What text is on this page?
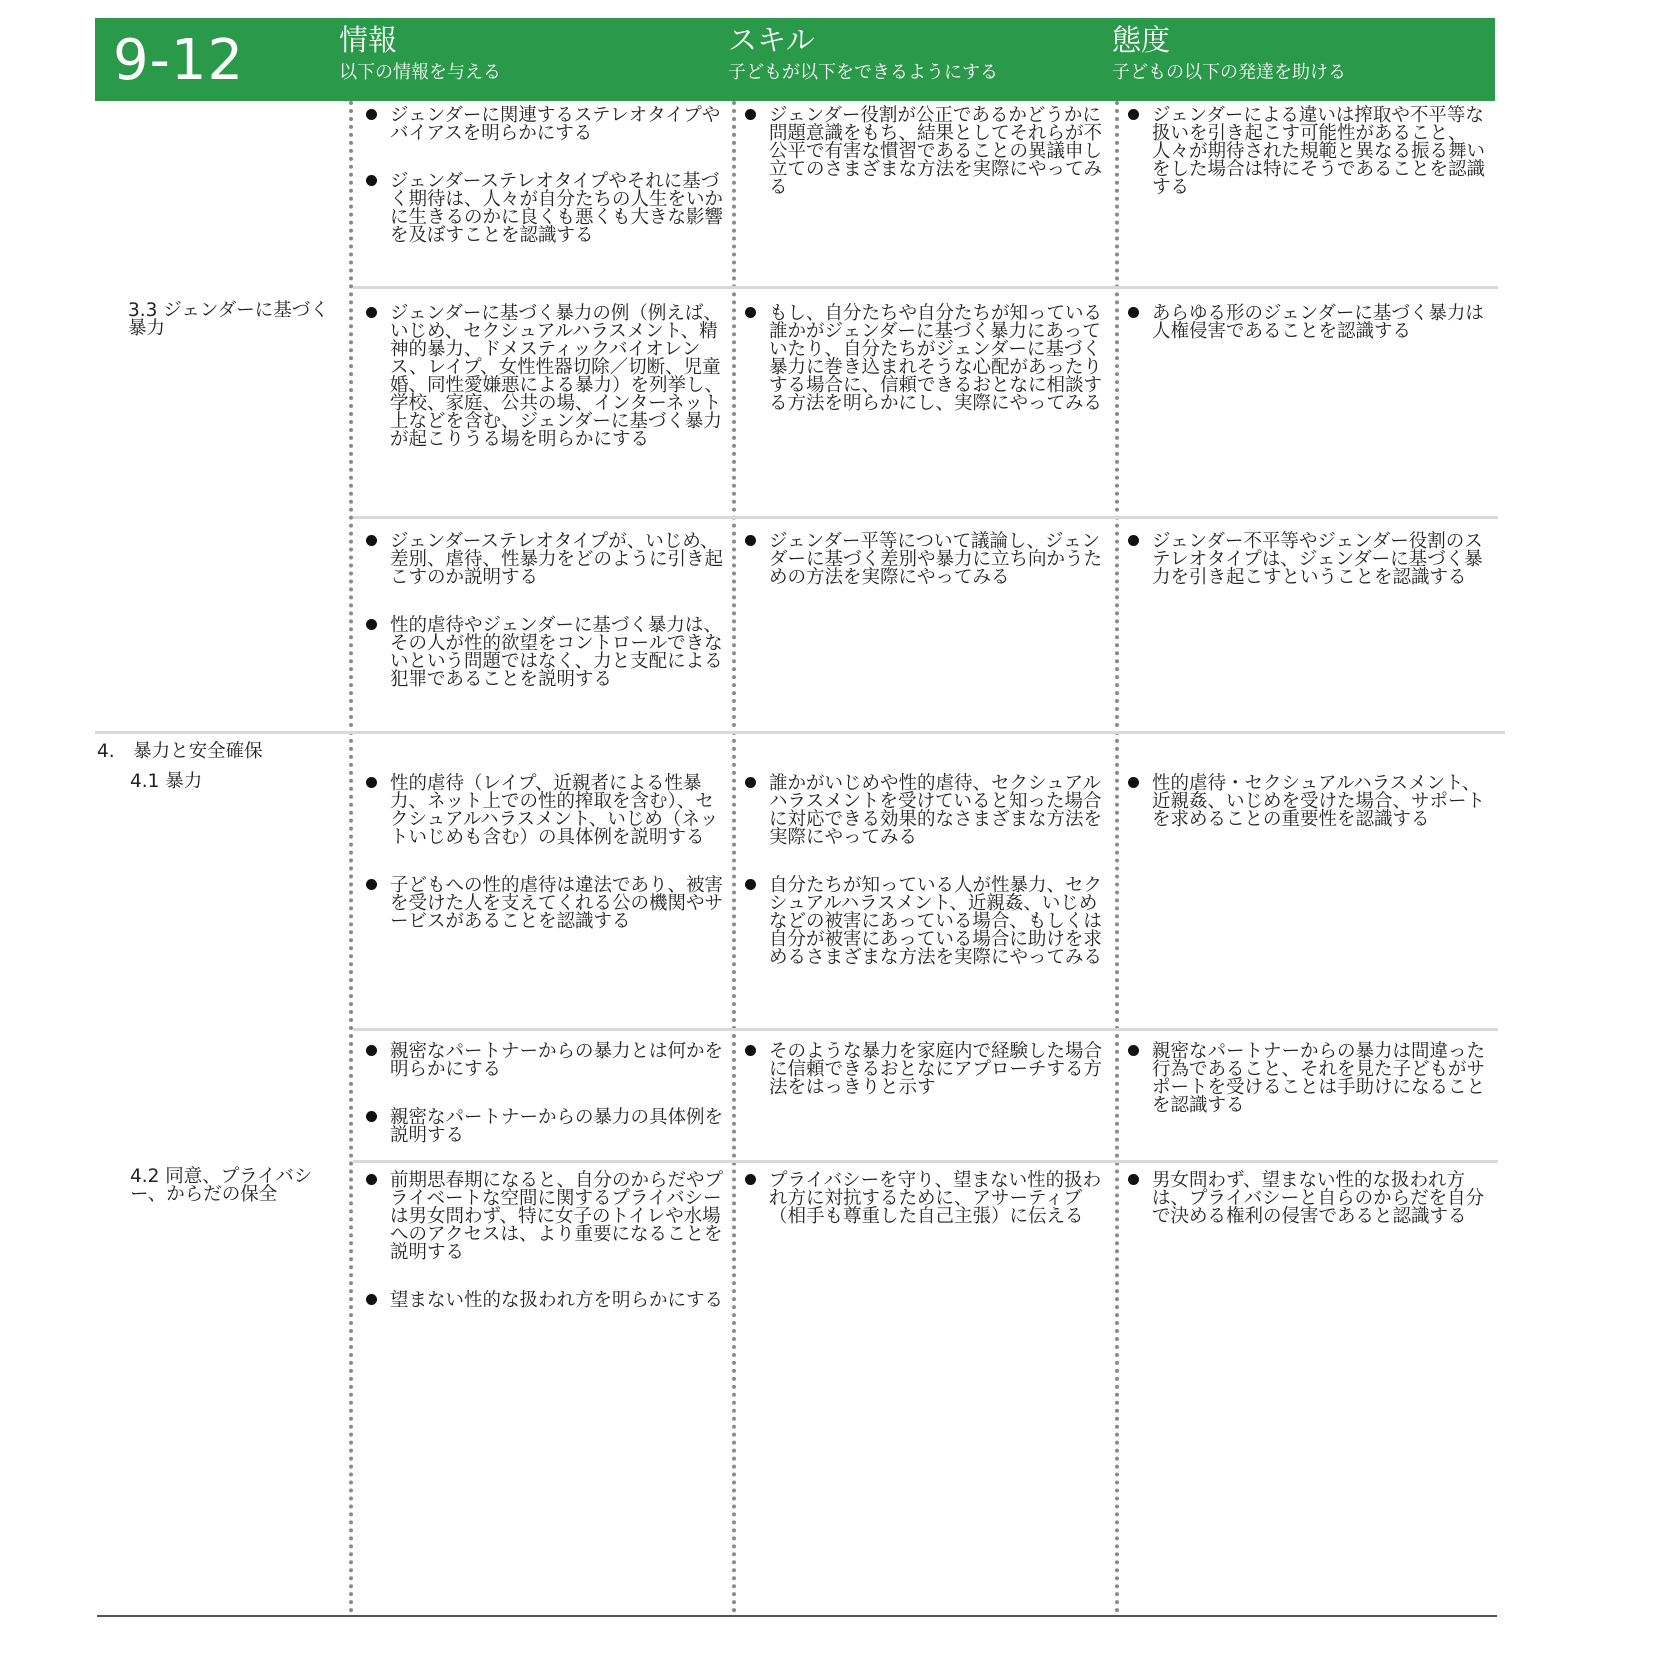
9-12	情報
以下の情報を与える
スキル
子どもが以下をできるようにする
態度
子どもの以下の発達を助ける
3.3 ジェンダーに基づく暴力
4.　暴力と安全確保
4.1 暴力
4.2 同意、プライバシー、からだの保全
ジェンダーに関連するステレオタイプやバイアスを明らかにする
ジェンダーステレオタイプやそれに基づく期待は、人々が自分たちの人生をいかに生きるのかに良くも悪くも大きな影響を及ぼすことを認識する
ジェンダー役割が公正であるかどうかに問題意識をもち、結果としてそれらが不公平で有害な慣習であることの異議申し立てのさまざまな方法を実際にやってみる
ジェンダーによる違いは搾取や不平等な扱いを引き起こす可能性があること、人々が期待された規範と異なる振る舞いをした場合は特にそうであることを認識する
ジェンダーに基づく暴力の例（例えば、いじめ、セクシュアルハラスメント、精神的暴力、ドメスティックバイオレンス、レイプ、女性性器切除／切断、児童婚、同性愛嫌悪による暴力）を列挙し、学校、家庭、公共の場、インターネット上などを含む、ジェンダーに基づく暴力が起こりうる場を明らかにする
もし、自分たちや自分たちが知っている誰かがジェンダーに基づく暴力にあっていたり、自分たちがジェンダーに基づく暴力に巻き込まれそうな心配があったりする場合に、信頼できるおとなに相談する方法を明らかにし、実際にやってみる
あらゆる形のジェンダーに基づく暴力は人権侵害であることを認識する
ジェンダーステレオタイプが、いじめ、差別、虐待、性暴力をどのように引き起こすのか説明する
性的虐待やジェンダーに基づく暴力は、その人が性的欲望をコントロールできないという問題ではなく、力と支配による犯罪であることを説明する
ジェンダー平等について議論し、ジェンダーに基づく差別や暴力に立ち向かうための方法を実際にやってみる
ジェンダー不平等やジェンダー役割のステレオタイプは、ジェンダーに基づく暴力を引き起こすということを認識する
性的虐待（レイプ、近親者による性暴力、ネット上での性的搾取を含む）、セクシュアルハラスメント、いじめ（ネットいじめも含む）の具体例を説明する
子どもへの性的虐待は違法であり、被害を受けた人を支えてくれる公の機関やサービスがあることを認識する
誰かがいじめや性的虐待、セクシュアルハラスメントを受けていると知った場合に対応できる効果的なさまざまな方法を実際にやってみる
自分たちが知っている人が性暴力、セクシュアルハラスメント、近親姦、いじめなどの被害にあっている場合、もしくは自分が被害にあっている場合に助けを求めるさまざまな方法を実際にやってみる
性的虐待・セクシュアルハラスメント、近親姦、いじめを受けた場合、サポートを求めることの重要性を認識する
親密なパートナーからの暴力とは何かを明らかにする
親密なパートナーからの暴力の具体例を説明する
そのような暴力を家庭内で経験した場合に信頼できるおとなにアプローチする方法をはっきりと示す
親密なパートナーからの暴力は間違った行為であること、それを見た子どもがサポートを受けることは手助けになることを認識する
前期思春期になると、自分のからだやプライベートな空間に関するプライバシーは男女問わず、特に女子のトイレや水場へのアクセスは、より重要になることを説明する
望まない性的な扱われ方を明らかにする
プライバシーを守り、望まない性的扱われ方に対抗するために、アサーティブ（相手も尊重した自己主張）に伝える
男女問わず、望まない性的な扱われ方は、プライバシーと自らのからだを自分で決める権利の侵害であると認識する
